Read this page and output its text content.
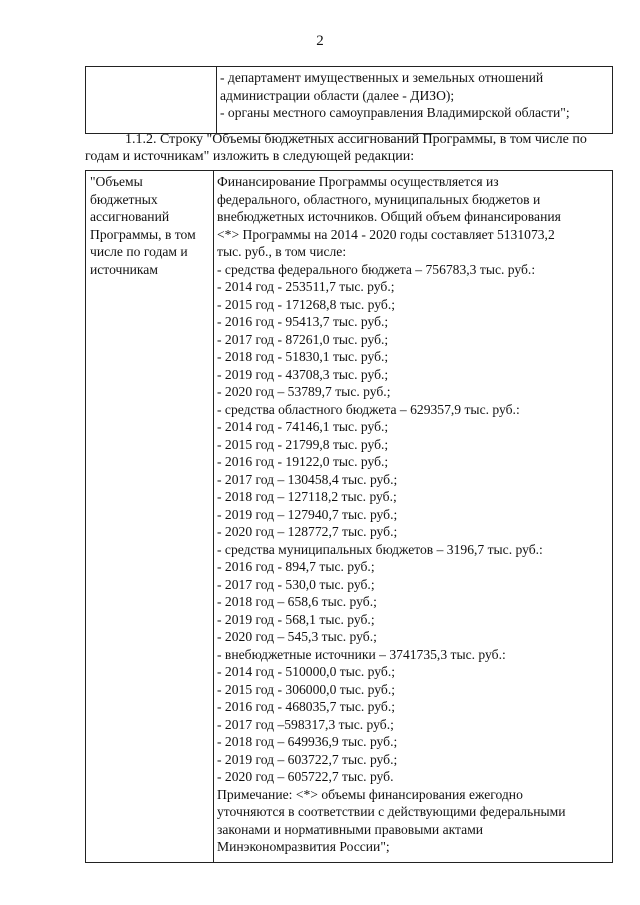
2

- департамент имущественных и земельных отношений
администрации области (далее - ДИЗО);
- органы местного самоуправления Владимирской области";
1.1.2. Строку "Объемы бюджетных ассигнований Программы, в том числе по
годам и источникам" изложить в следующей редакции:
"Объемы
бюджетных
ассигнований
Программы, в том
числе по годам и
источникам

Финансирование Программы осуществляется из
федерального, областного, муниципальных бюджетов и
внебюджетных источников. Общий объем финансирования
<*> Программы на 2014 - 2020 годы составляет 5131073,2
тыс. руб., в том числе:
- средства федерального бюджета – 756783,3 тыс. руб.:
- 2014 год - 253511,7 тыс. руб.;
- 2015 год - 171268,8 тыс. руб.;
- 2016 год - 95413,7 тыс. руб.;
- 2017 год - 87261,0 тыс. руб.;
- 2018 год - 51830,1 тыс. руб.;
- 2019 год - 43708,3 тыс. руб.;
- 2020 год – 53789,7 тыс. руб.;
- средства областного бюджета – 629357,9 тыс. руб.:
- 2014 год - 74146,1 тыс. руб.;
- 2015 год - 21799,8 тыс. руб.;
- 2016 год - 19122,0 тыс. руб.;
- 2017 год – 130458,4 тыс. руб.;
- 2018 год – 127118,2 тыс. руб.;
- 2019 год – 127940,7 тыс. руб.;
- 2020 год – 128772,7 тыс. руб.;
- средства муниципальных бюджетов – 3196,7 тыс. руб.:
- 2016 год - 894,7 тыс. руб.;
- 2017 год - 530,0 тыс. руб.;
- 2018 год – 658,6 тыс. руб.;
- 2019 год - 568,1 тыс. руб.;
- 2020 год – 545,3 тыс. руб.;
- внебюджетные источники – 3741735,3 тыс. руб.:
- 2014 год - 510000,0 тыс. руб.;
- 2015 год - 306000,0 тыс. руб.;
- 2016 год - 468035,7 тыс. руб.;
- 2017 год –598317,3 тыс. руб.;
- 2018 год – 649936,9 тыс. руб.;
- 2019 год – 603722,7 тыс. руб.;
- 2020 год – 605722,7 тыс. руб.
Примечание: <*> объемы финансирования ежегодно
уточняются в соответствии с действующими федеральными
законами и нормативными правовыми актами
Минэкономразвития России";
